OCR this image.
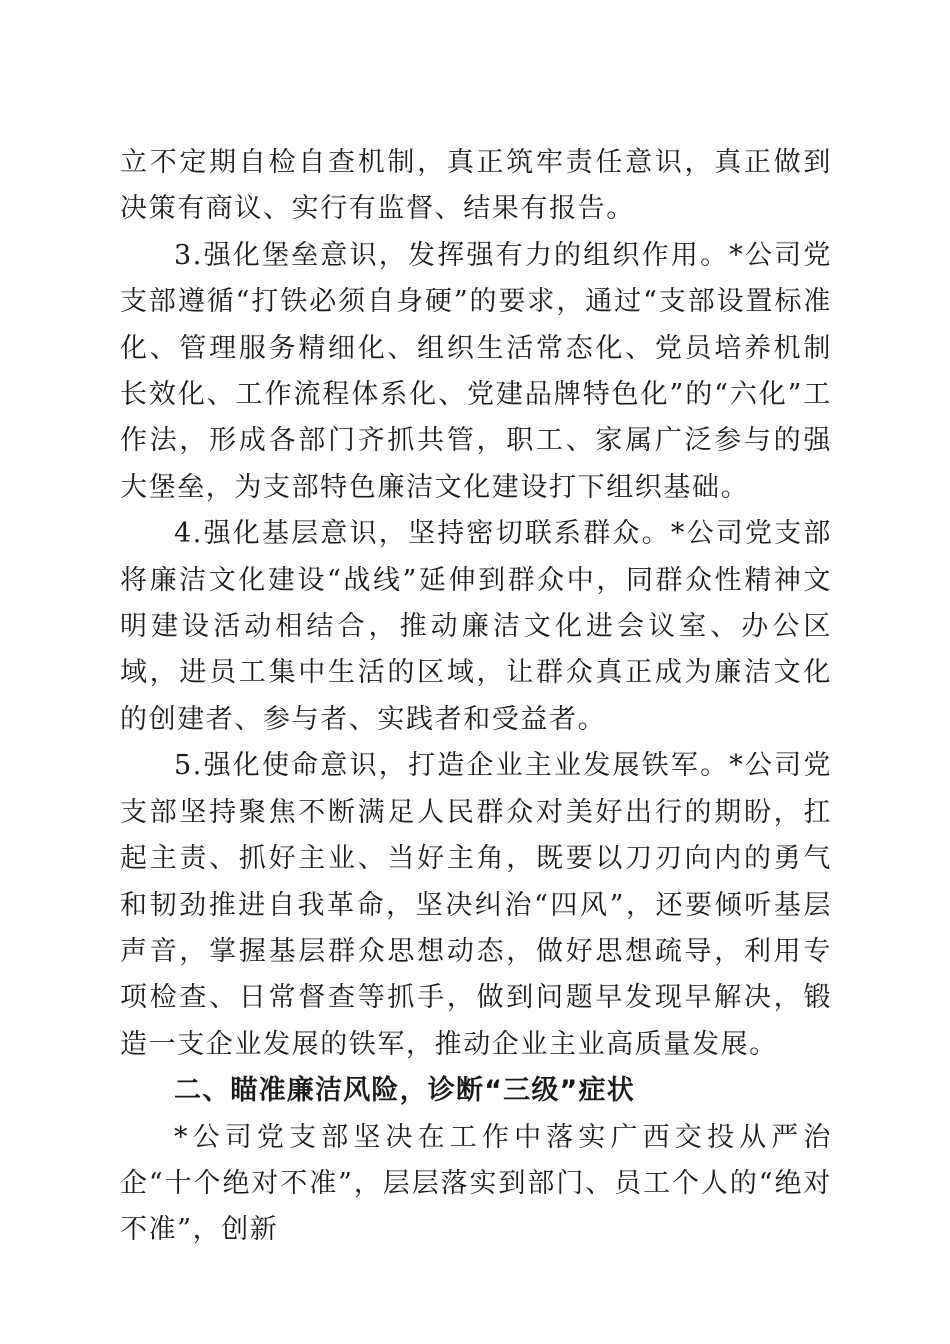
立不定期自检自查机制，真正筑牢责任意识，真正做到决策有商议、实行有监督、结果有报告。

3.强化堡垒意识，发挥强有力的组织作用。*公司党支部遵循“打铁必须自身硬”的要求，通过“支部设置标准化、管理服务精细化、组织生活常态化、党员培养机制长效化、工作流程体系化、党建品牌特色化”的“六化”工作法，形成各部门齐抓共管，职工、家属广泛参与的强大堡垒，为支部特色廉洁文化建设打下组织基础。

4.强化基层意识，坚持密切联系群众。*公司党支部将廉洁文化建设“战线”延伸到群众中，同群众性精神文明建设活动相结合，推动廉洁文化进会议室、办公区域，进员工集中生活的区域，让群众真正成为廉洁文化的创建者、参与者、实践者和受益者。

5.强化使命意识，打造企业主业发展铁军。*公司党支部坚持聚焦不断满足人民群众对美好出行的期盼，扛起主责、抓好主业、当好主角，既要以刀刃向内的勇气和韧劲推进自我革命，坚决纠治“四风”，还要倾听基层声音，掌握基层群众思想动态，做好思想疏导，利用专项检查、日常督查等抓手，做到问题早发现早解决，锻造一支企业发展的铁军，推动企业主业高质量发展。

二、瞄准廉洁风险，诊断“三级”症状

*公司党支部坚决在工作中落实广西交投从严治企“十个绝对不准”，层层落实到部门、员工个人的“绝对不准”，创新
